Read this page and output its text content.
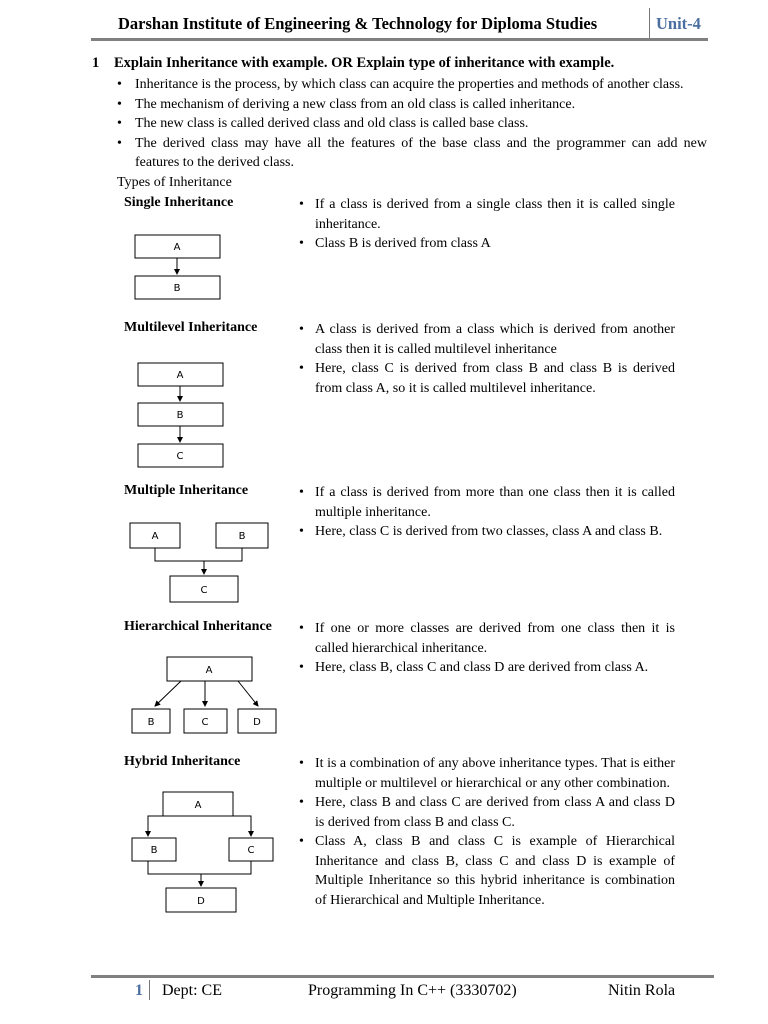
Darshan Institute of Engineering & Technology for Diploma Studies	Unit-4
1 Explain Inheritance with example. OR Explain type of inheritance with example.
• Inheritance is the process, by which class can acquire the properties and methods of another class.
• The mechanism of deriving a new class from an old class is called inheritance.
• The new class is called derived class and old class is called base class.
• The derived class may have all the features of the base class and the programmer can add new features to the derived class.
Types of Inheritance
Single Inheritance	• If a class is derived from a single class then it is called single inheritance.
• Class B is derived from class A
A
B
A
B
C
A	B
C
A
B	C	D
A
B	C
D
Multilevel Inheritance	• A class is derived from a class which is derived from another class then it is called multilevel inheritance
• Here, class C is derived from class B and class B is derived from class A, so it is called multilevel inheritance.
Multiple Inheritance	• If a class is derived from more than one class then it is called multiple inheritance.
• Here, class C is derived from two classes, class A and class B.
Hierarchical Inheritance	• If one or more classes are derived from one class then it is called hierarchical inheritance.
• Here, class B, class C and class D are derived from class A.
Hybrid Inheritance	• It is a combination of any above inheritance types. That is either multiple or multilevel or hierarchical or any other combination.
• Here, class B and class C are derived from class A and class D is derived from class B and class C.
• Class A, class B and class C is example of Hierarchical Inheritance and class B, class C and class D is example of Multiple Inheritance so this hybrid inheritance is combination of Hierarchical and Multiple Inheritance.
1 Dept: CE	Programming In C++ (3330702)	Nitin Rola
